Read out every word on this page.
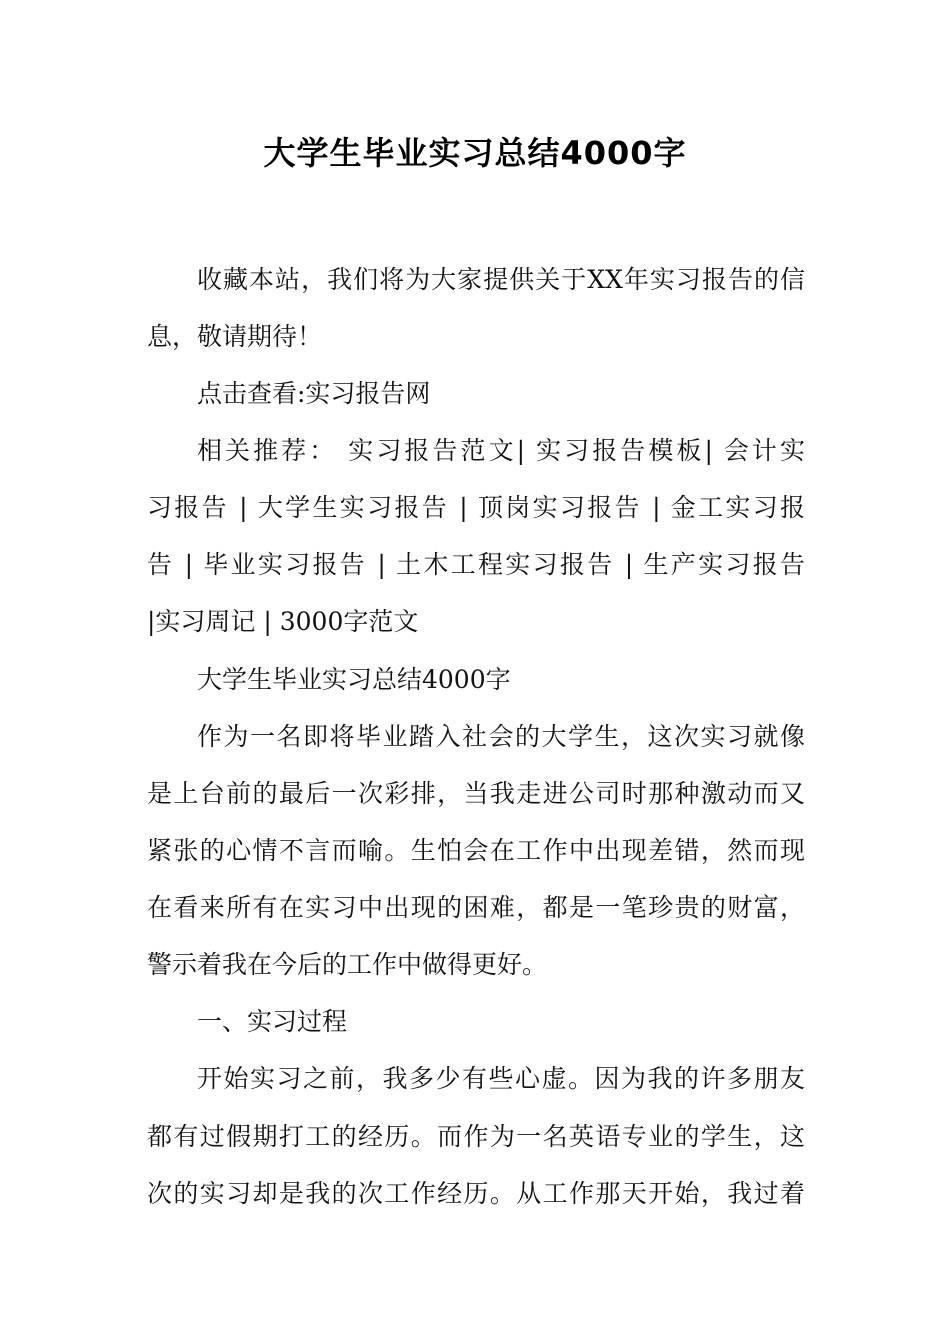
大学生毕业实习总结4000字
收藏本站，我们将为大家提供关于XX年实习报告的信
息，敬请期待！
点击查看:实习报告网
相关推荐： 实习报告范文| 实习报告模板| 会计实
习报告 | 大学生实习报告 | 顶岗实习报告 | 金工实习报
告 | 毕业实习报告 | 土木工程实习报告 | 生产实习报告
|实习周记 | 3000字范文
大学生毕业实习总结4000字
作为一名即将毕业踏入社会的大学生，这次实习就像
是上台前的最后一次彩排，当我走进公司时那种激动而又
紧张的心情不言而喻。生怕会在工作中出现差错，然而现
在看来所有在实习中出现的困难，都是一笔珍贵的财富，
警示着我在今后的工作中做得更好。
一、实习过程
开始实习之前，我多少有些心虚。因为我的许多朋友
都有过假期打工的经历。而作为一名英语专业的学生，这
次的实习却是我的次工作经历。从工作那天开始，我过着
